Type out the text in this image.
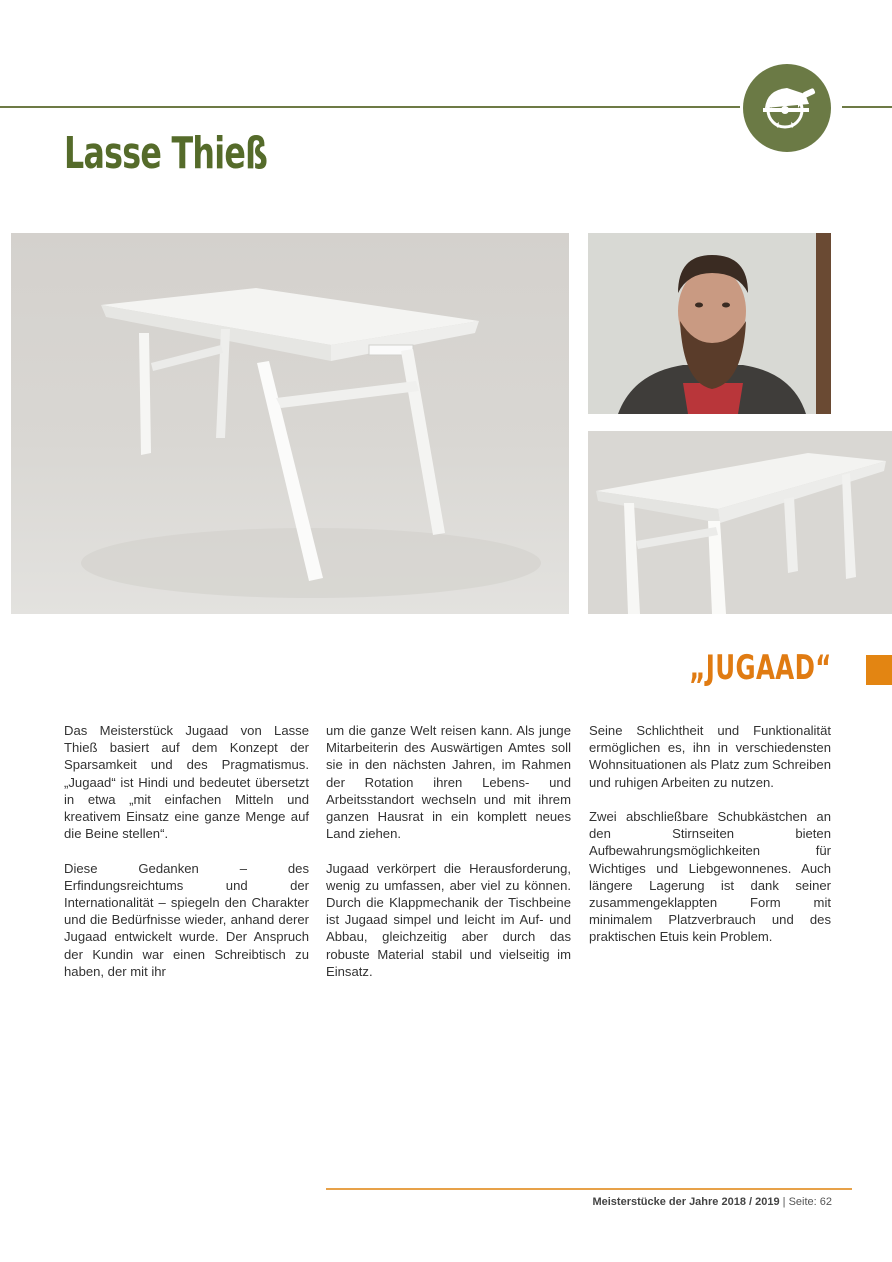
Lasse Thieß
„JUGAAD“

Das Meisterstück Jugaad von Lasse Thieß basiert auf dem Konzept der Sparsamkeit und des Pragmatismus. „Jugaad“ ist Hindi und bedeutet übersetzt in etwa „mit einfachen Mitteln und kreativem Einsatz eine ganze Menge auf die Beine stellen“.

Diese Gedanken – des Erfindungsreichtums und der Internationalität – spiegeln den Charakter und die Bedürfnisse wieder, anhand derer Jugaad entwickelt wurde. Der Anspruch der Kundin war einen Schreibtisch zu haben, der mit ihr

um die ganze Welt reisen kann. Als junge Mitarbeiterin des Auswärtigen Amtes soll sie in den nächsten Jahren, im Rahmen der Rotation ihren Lebens- und Arbeitsstandort wechseln und mit ihrem ganzen Hausrat in ein komplett neues Land ziehen.

Jugaad verkörpert die Herausforderung, wenig zu umfassen, aber viel zu können. Durch die Klappmechanik der Tischbeine ist Jugaad simpel und leicht im Auf- und Abbau, gleichzeitig aber durch das robuste Material stabil und vielseitig im Einsatz.

Seine Schlichtheit und Funktionalität ermöglichen es, ihn in verschiedensten Wohnsituationen als Platz zum Schreiben und ruhigen Arbeiten zu nutzen.

Zwei abschließbare Schubkästchen an den Stirnseiten bieten Aufbewahrungsmöglichkeiten für Wichtiges und Liebgewonnenes. Auch längere Lagerung ist dank seiner zusammengeklappten Form mit minimalem Platzverbrauch und des praktischen Etuis kein Problem.

Meisterstücke der Jahre 2018 / 2019 | Seite: 62
